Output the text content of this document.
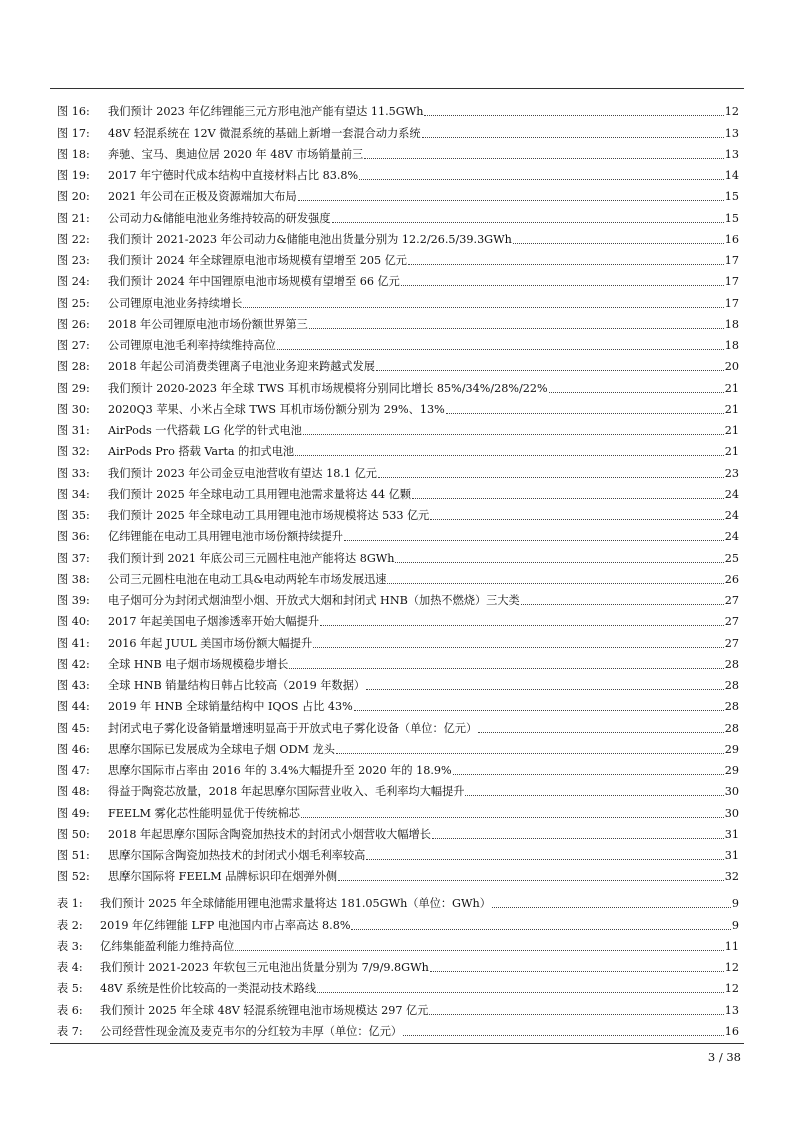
图 16:	我们预计 2023 年亿纬锂能三元方形电池产能有望达 11.5GWh	12
图 17:	48V 轻混系统在 12V 微混系统的基础上新增一套混合动力系统	13
图 18:	奔驰、宝马、奥迪位居 2020 年 48V 市场销量前三	13
图 19:	2017 年宁德时代成本结构中直接材料占比 83.8%	14
图 20:	2021 年公司在正极及资源端加大布局	15
图 21:	公司动力&储能电池业务维持较高的研发强度	15
图 22:	我们预计 2021-2023 年公司动力&储能电池出货量分别为 12.2/26.5/39.3GWh	16
图 23:	我们预计 2024 年全球锂原电池市场规模有望增至 205 亿元	17
图 24:	我们预计 2024 年中国锂原电池市场规模有望增至 66 亿元	17
图 25:	公司锂原电池业务持续增长	17
图 26:	2018 年公司锂原电池市场份额世界第三	18
图 27:	公司锂原电池毛利率持续维持高位	18
图 28:	2018 年起公司消费类锂离子电池业务迎来跨越式发展	20
图 29:	我们预计 2020-2023 年全球 TWS 耳机市场规模将分别同比增长 85%/34%/28%/22%	21
图 30:	2020Q3 苹果、小米占全球 TWS 耳机市场份额分别为 29%、13%	21
图 31:	AirPods 一代搭载 LG 化学的针式电池	21
图 32:	AirPods Pro 搭载 Varta 的扣式电池	21
图 33:	我们预计 2023 年公司金豆电池营收有望达 18.1 亿元	23
图 34:	我们预计 2025 年全球电动工具用锂电池需求量将达 44 亿颗	24
图 35:	我们预计 2025 年全球电动工具用锂电池市场规模将达 533 亿元	24
图 36:	亿纬锂能在电动工具用锂电池市场份额持续提升	24
图 37:	我们预计到 2021 年底公司三元圆柱电池产能将达 8GWh	25
图 38:	公司三元圆柱电池在电动工具&电动两轮车市场发展迅速	26
图 39:	电子烟可分为封闭式烟油型小烟、开放式大烟和封闭式 HNB（加热不燃烧）三大类	27
图 40:	2017 年起美国电子烟渗透率开始大幅提升	27
图 41:	2016 年起 JUUL 美国市场份额大幅提升	27
图 42:	全球 HNB 电子烟市场规模稳步增长	28
图 43:	全球 HNB 销量结构日韩占比较高（2019 年数据）	28
图 44:	2019 年 HNB 全球销量结构中 IQOS 占比 43%	28
图 45:	封闭式电子雾化设备销量增速明显高于开放式电子雾化设备（单位：亿元）	28
图 46:	思摩尔国际已发展成为全球电子烟 ODM 龙头	29
图 47:	思摩尔国际市占率由 2016 年的 3.4%大幅提升至 2020 年的 18.9%	29
图 48:	得益于陶瓷芯放量，2018 年起思摩尔国际营业收入、毛利率均大幅提升	30
图 49:	FEELM 雾化芯性能明显优于传统棉芯	30
图 50:	2018 年起思摩尔国际含陶瓷加热技术的封闭式小烟营收大幅增长	31
图 51:	思摩尔国际含陶瓷加热技术的封闭式小烟毛利率较高	31
图 52:	思摩尔国际将 FEELM 品牌标识印在烟弹外侧	32
表 1:	我们预计 2025 年全球储能用锂电池需求量将达 181.05GWh（单位：GWh）	9
表 2:	2019 年亿纬锂能 LFP 电池国内市占率高达 8.8%	9
表 3:	亿纬集能盈利能力维持高位	11
表 4:	我们预计 2021-2023 年软包三元电池出货量分别为 7/9/9.8GWh	12
表 5:	48V 系统是性价比较高的一类混动技术路线	12
表 6:	我们预计 2025 年全球 48V 轻混系统锂电池市场规模达 297 亿元	13
表 7:	公司经营性现金流及麦克韦尔的分红较为丰厚（单位：亿元）	16
3 / 38
